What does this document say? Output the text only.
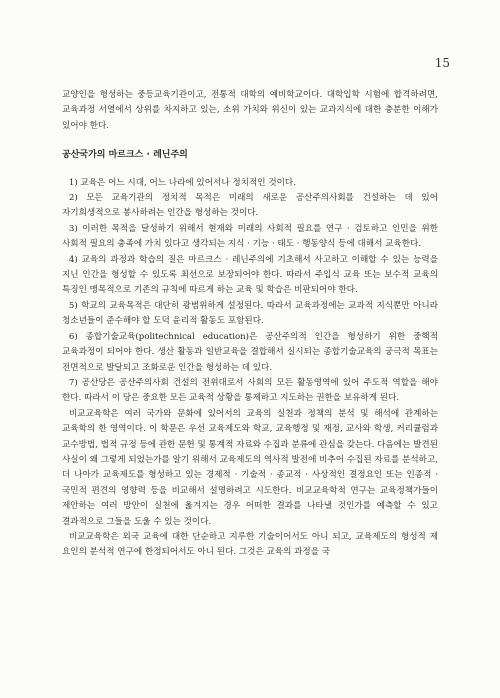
15

교양인을 형성하는 중등교육기관이고, 전통적 대학의 예비학교이다. 대학입학 시험에 합격하려면, 교육과정 서열에서 상위를 차지하고 있는, 소위 가치와 위신이 있는 교과지식에 대한 충분한 이해가 있어야 한다.

공산국가의 마르크스 · 레닌주의

1) 교육은 어느 시대, 어느 나라에 있어서나 정치적인 것이다.

2) 모든 교육기관의 정치적 목적은 미래의 새로운 공산주의사회를 건설하는 데 있어 자기희생적으로 봉사하려는 인간을 형성하는 것이다.

3) 이러한 목적을 달성하기 위해서 현재와 미래의 사회적 필요를 연구 · 검토하고 인민을 위한 사회적 필요의 충족에 가치 있다고 생각되는 지식 · 기능 · 태도 · 행동양식 등에 대해서 교육한다.

4) 교육의 과정과 학습의 질은 마르크스 · 레닌주의에 기초해서 사고하고 이해할 수 있는 능력을 지닌 인간을 형성할 수 있도록 최선으로 보장되어야 한다. 따라서 주입식 교육 또는 보수적 교육의 특징인 맹목적으로 기존의 규칙에 따르게 하는 교육 및 학습은 비판되어야 한다.

5) 학교의 교육목적은 대단히 광범위하게 설정된다. 따라서 교육과정에는 교과적 지식뿐만 아니라 청소년들이 준수해야 할 도덕 윤리적 활동도 포함된다.

6) 종합기술교육(politechnical education)은 공산주의적 인간을 형성하기 위한 중핵적 교육과정이 되어야 한다. 생산 활동과 일반교육을 결합해서 실시되는 종합기술교육의 궁극적 목표는 전면적으로 발달되고 조화로운 인간을 형성하는 데 있다.

7) 공산당은 공산주의사회 건설의 전위대로서 사회의 모든 활동영역에 있어 주도적 역할을 해야 한다. 따라서 이 당은 중요한 모든 교육적 상황을 통제하고 지도하는 권한을 보유하게 된다.

비교교육학은 여러 국가와 문화에 있어서의 교육의 실천과 정책의 분석 및 해석에 관계하는 교육학의 한 영역이다. 이 학문은 우선 교육제도와 학교, 교육행정 및 재정, 교사와 학생, 커리큘럼과 교수방법, 법적 규정 등에 관한 문헌 및 통계적 자료와 수집과 분류에 관심을 갖는다. 다음에는 발견된 사실이 왜 그렇게 되었는가를 알기 위해서 교육제도의 역사적 발전에 비추어 수집된 자료를 분석하고, 더 나아가 교육제도를 형성하고 있는 경제적 · 기술적 · 종교적 · 사상적인 결정요인 또는 인종적 · 국민적 편견의 영향력 등을 비교해서 설명하려고 시도한다. 비교교육학적 연구는 교육정책가들이 제안하는 여러 방안이 실천에 옮겨지는 경우 어떠한 결과를 나타낼 것인가를 예측할 수 있고 결과적으로 그들을 도울 수 있는 것이다.

비교교육학은 외국 교육에 대한 단순하고 지루한 기술이어서도 아니 되고, 교육제도의 형성적 제 요인의 분석적 연구에 한정되어서도 아니 된다. 그것은 교육의 과정을 국
